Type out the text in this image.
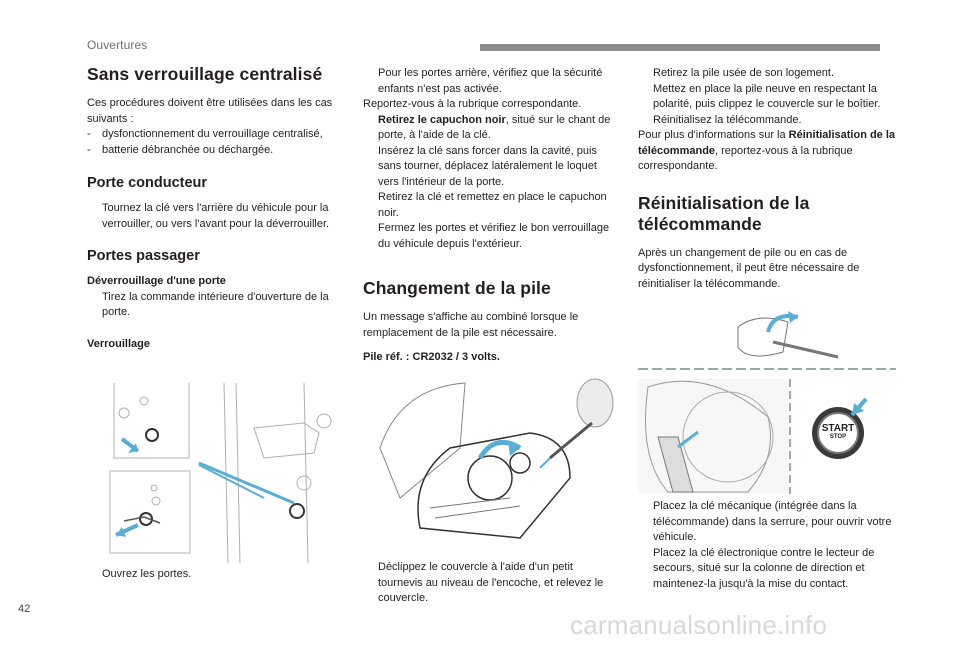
Ouvertures
Sans verrouillage centralisé

Ces procédures doivent être utilisées dans les cas suivants :

- dysfonctionnement du verrouillage centralisé,
- batterie débranchée ou déchargée.
Porte conducteur
Tournez la clé vers l'arrière du véhicule pour la verrouiller, ou vers l'avant pour la déverrouiller.
Portes passager

Déverrouillage d'une porte

Tirez la commande intérieure d'ouverture de la porte.

Verrouillage

Ouvrez les portes.
Pour les portes arrière, vérifiez que la sécurité enfants n'est pas activée.

Reportez-vous à la rubrique correspondante.

Retirez le capuchon noir, situé sur le chant de porte, à l'aide de la clé.
Insérez la clé sans forcer dans la cavité, puis sans tourner, déplacez latéralement le loquet vers l'intérieur de la porte.
Retirez la clé et remettez en place le capuchon noir.
Fermez les portes et vérifiez le bon verrouillage du véhicule depuis l'extérieur.
Changement de la pile

Un message s'affiche au combiné lorsque le remplacement de la pile est nécessaire.

Pile réf. : CR2032 / 3 volts.

Déclippez le couvercle à l'aide d'un petit tournevis au niveau de l'encoche, et relevez le couvercle.
Retirez la pile usée de son logement.
Mettez en place la pile neuve en respectant la polarité, puis clippez le couvercle sur le boîtier.
Réinitialisez la télécommande.

Pour plus d'informations sur la Réinitialisation de la télécommande, reportez-vous à la rubrique correspondante.

Réinitialisation de la télécommande

Après un changement de pile ou en cas de dysfonctionnement, il peut être nécessaire de réinitialiser la télécommande.

START
STOP
Placez la clé mécanique (intégrée dans la télécommande) dans la serrure, pour ouvrir votre véhicule.
Placez la clé électronique contre le lecteur de secours, situé sur la colonne de direction et maintenez-la jusqu'à la mise du contact.
42
carmanualsonline.info
